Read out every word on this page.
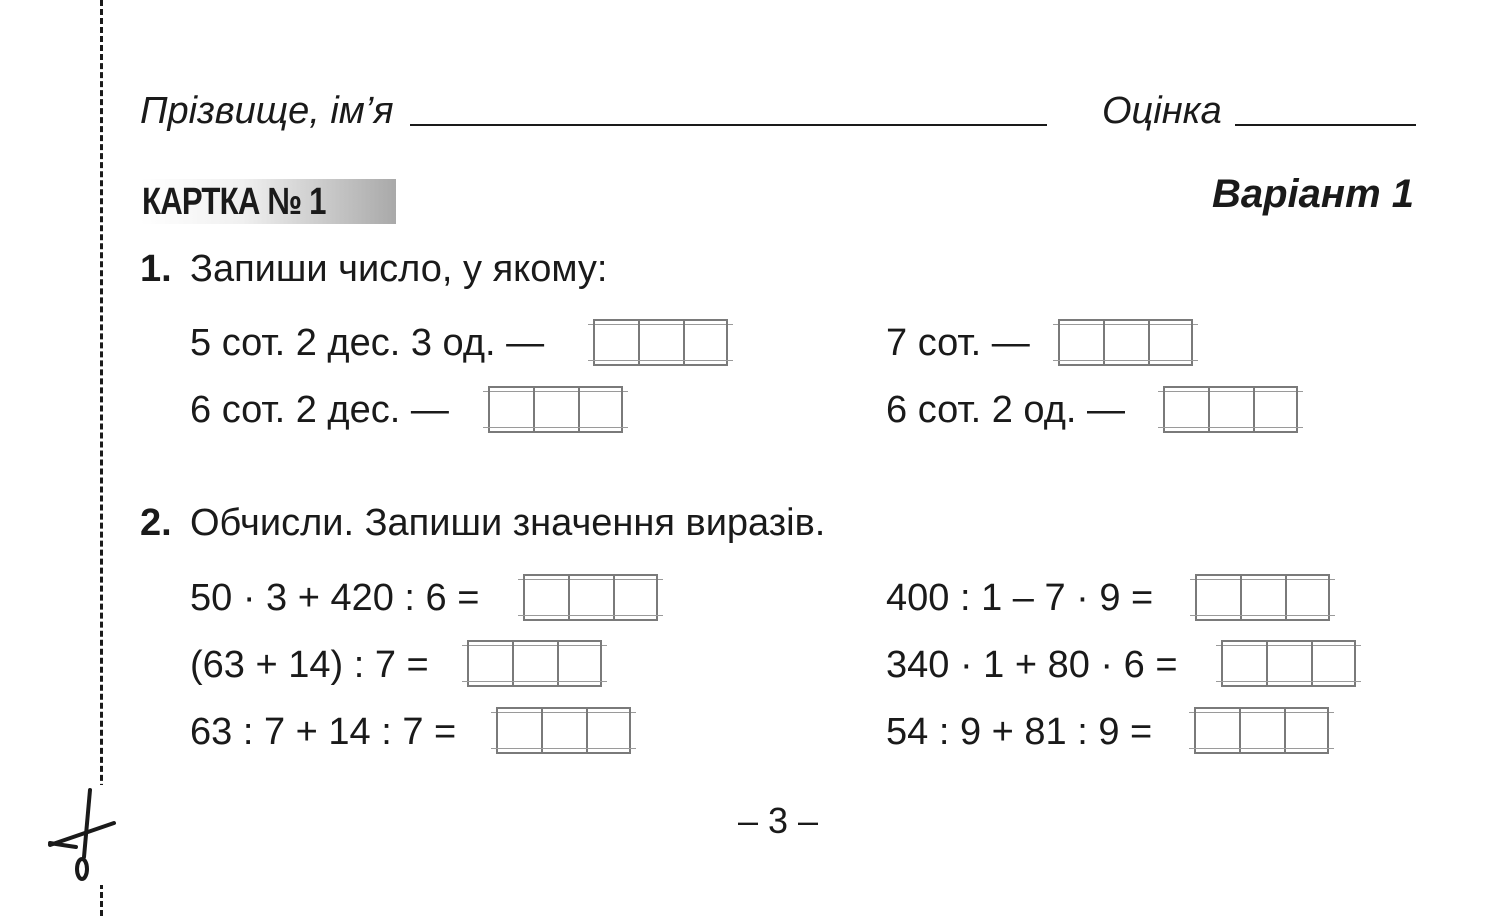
Прізвище, ім’я	Оцінка
КАРТКА № 1	Варіант 1
1. Запиши число, у якому:
5 сот. 2 дес. 3 од. —
6 сот. 2 дес. —
7 сот. —
6 сот. 2 од. —
2. Обчисли. Запиши значення виразів.
50 · 3 + 420 : 6 =
(63 + 14) : 7 =
63 : 7 + 14 : 7 =
400 : 1 – 7 · 9 =
340 · 1 + 80 · 6 =
54 : 9 + 81 : 9 =
– 3 –
